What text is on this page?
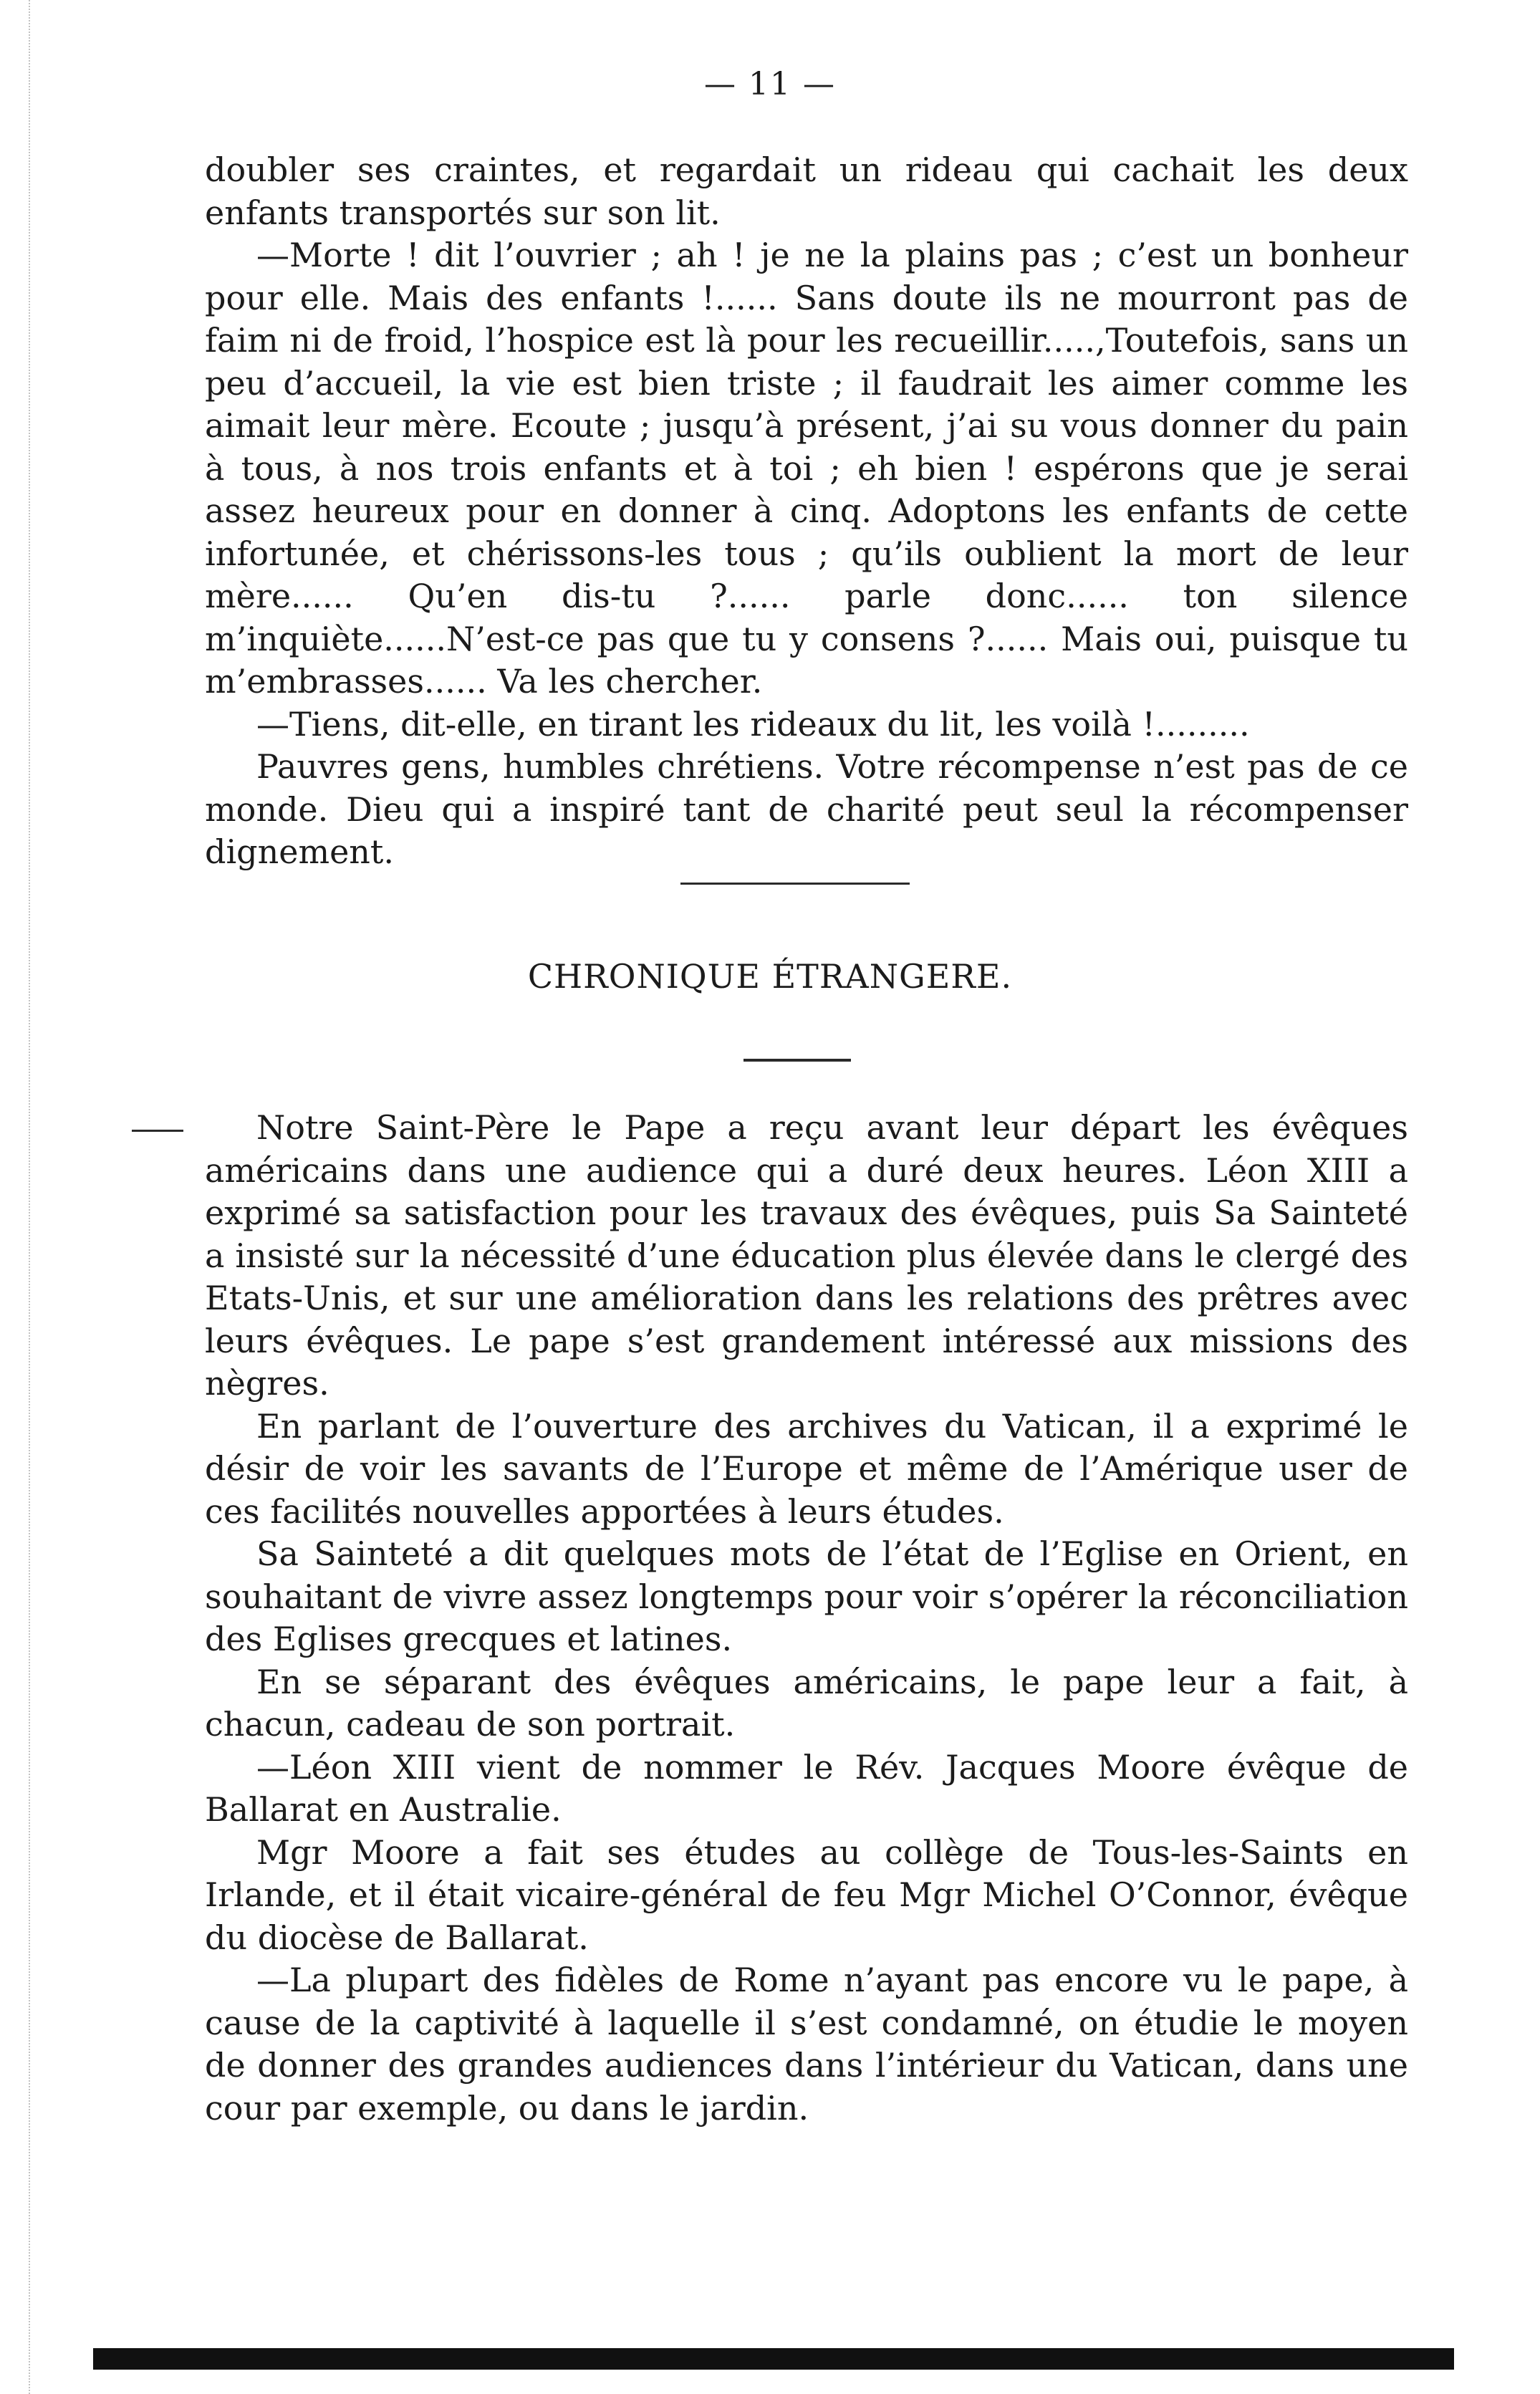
— 11 —

doubler ses craintes, et regardait un rideau qui cachait les deux enfants transportés sur son lit.

—Morte ! dit l’ouvrier ; ah ! je ne la plains pas ; c’est un bonheur pour elle. Mais des enfants !...... Sans doute ils ne mourront pas de faim ni de froid, l’hospice est là pour les recueillir.....,Toutefois, sans un peu d’accueil, la vie est bien triste ; il faudrait les aimer comme les aimait leur mère. Ecoute ; jusqu’à présent, j’ai su vous donner du pain à tous, à nos trois enfants et à toi ; eh bien ! espérons que je serai assez heureux pour en donner à cinq. Adoptons les enfants de cette infortunée, et chérissons-les tous ; qu’ils oublient la mort de leur mère...... Qu’en dis-tu ?...... parle donc...... ton silence m’inquiète......N’est-ce pas que tu y consens ?...... Mais oui, puisque tu m’embrasses...... Va les chercher.

—Tiens, dit-elle, en tirant les rideaux du lit, les voilà !.........

Pauvres gens, humbles chrétiens. Votre récompense n’est pas de ce monde. Dieu qui a inspiré tant de charité peut seul la récompenser dignement.

CHRONIQUE ÉTRANGERE.

Notre Saint-Père le Pape a reçu avant leur départ les évêques américains dans une audience qui a duré deux heures. Léon XIII a exprimé sa satisfaction pour les travaux des évêques, puis Sa Sainteté a insisté sur la nécessité d’une éducation plus élevée dans le clergé des Etats-Unis, et sur une amélioration dans les relations des prêtres avec leurs évêques. Le pape s’est grandement intéressé aux missions des nègres.

En parlant de l’ouverture des archives du Vatican, il a exprimé le désir de voir les savants de l’Europe et même de l’Amérique user de ces facilités nouvelles apportées à leurs études.

Sa Sainteté a dit quelques mots de l’état de l’Eglise en Orient, en souhaitant de vivre assez longtemps pour voir s’opérer la réconciliation des Eglises grecques et latines.

En se séparant des évêques américains, le pape leur a fait, à chacun, cadeau de son portrait.

—Léon XIII vient de nommer le Rév. Jacques Moore évêque de Ballarat en Australie.

Mgr Moore a fait ses études au collège de Tous-les-Saints en Irlande, et il était vicaire-général de feu Mgr Michel O’Connor, évêque du diocèse de Ballarat.

—La plupart des fidèles de Rome n’ayant pas encore vu le pape, à cause de la captivité à laquelle il s’est condamné, on étudie le moyen de donner des grandes audiences dans l’intérieur du Vatican, dans une cour par exemple, ou dans le jardin.
